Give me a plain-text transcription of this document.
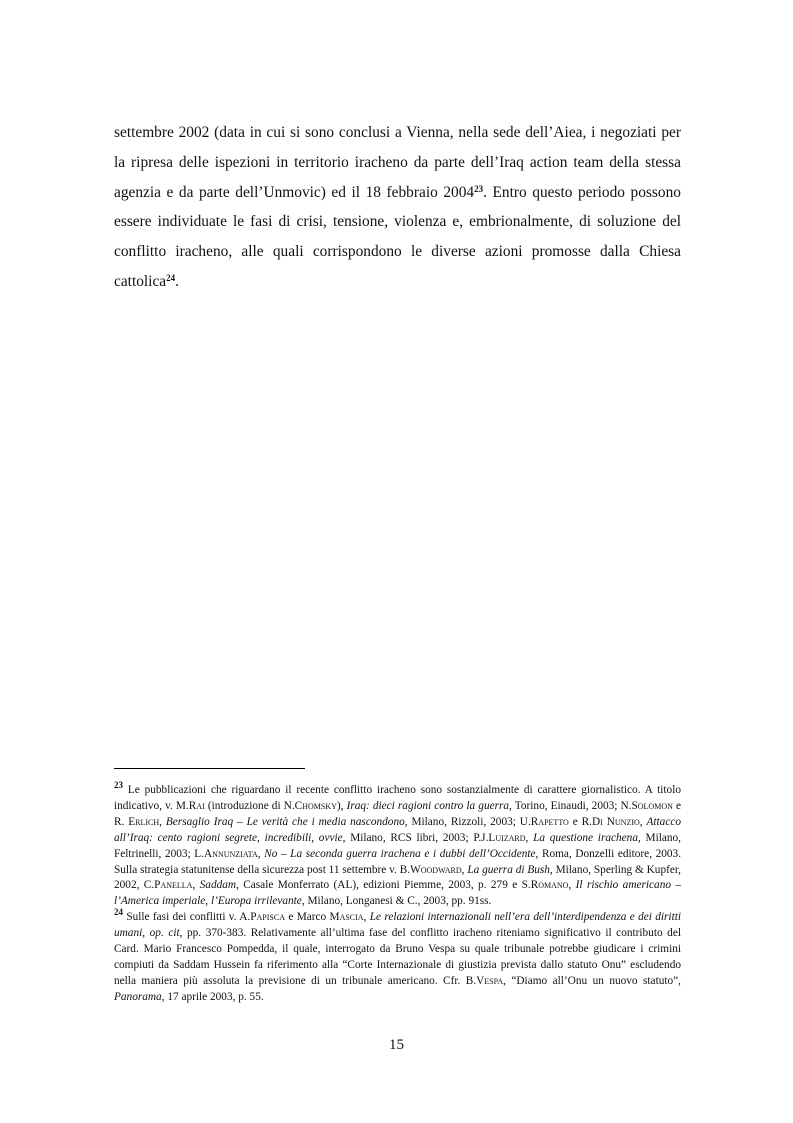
settembre 2002 (data in cui si sono conclusi a Vienna, nella sede dell’Aiea, i negoziati per la ripresa delle ispezioni in territorio iracheno da parte dell’Iraq action team della stessa agenzia e da parte dell’Unmovic) ed il 18 febbraio 2004$^{23}$. Entro questo periodo possono essere individuate le fasi di crisi, tensione, violenza e, embrionalmente, di soluzione del conflitto iracheno, alle quali corrispondono le diverse azioni promosse dalla Chiesa cattolica$^{24}$.

$^{23}$ Le pubblicazioni che riguardano il recente conflitto iracheno sono sostanzialmente di carattere giornalistico. A titolo indicativo, v. M.Rai (introduzione di N.Chomsky), Iraq: dieci ragioni contro la guerra, Torino, Einaudi, 2003; N.Solomon e R. Erlich, Bersaglio Iraq – Le verità che i media nascondono, Milano, Rizzoli, 2003; U.Rapetto e R.Di Nunzio, Attacco all’Iraq: cento ragioni segrete, incredibili, ovvie, Milano, RCS libri, 2003; P.J.Luizard, La questione irachena, Milano, Feltrinelli, 2003; L.Annunziata, No – La seconda guerra irachena e i dubbi dell’Occidente, Roma, Donzelli editore, 2003. Sulla strategia statunitense della sicurezza post 11 settembre v. B.Woodward, La guerra di Bush, Milano, Sperling & Kupfer, 2002, C.Panella, Saddam, Casale Monferrato (AL), edizioni Piemme, 2003, p. 279 e S.Romano, Il rischio americano – l’America imperiale, l’Europa irrilevante, Milano, Longanesi & C., 2003, pp. 91ss.

$^{24}$ Sulle fasi dei conflitti v. A.Papisca e Marco Mascia, Le relazioni internazionali nell’era dell’interdipendenza e dei diritti umani, op. cit, pp. 370-383. Relativamente all’ultima fase del conflitto iracheno riteniamo significativo il contributo del Card. Mario Francesco Pompedda, il quale, interrogato da Bruno Vespa su quale tribunale potrebbe giudicare i crimini compiuti da Saddam Hussein fa riferimento alla “Corte Internazionale di giustizia prevista dallo statuto Onu” escludendo nella maniera più assoluta la previsione di un tribunale americano. Cfr. B.Vespa, “Diamo all’Onu un nuovo statuto”, Panorama, 17 aprile 2003, p. 55.

15
